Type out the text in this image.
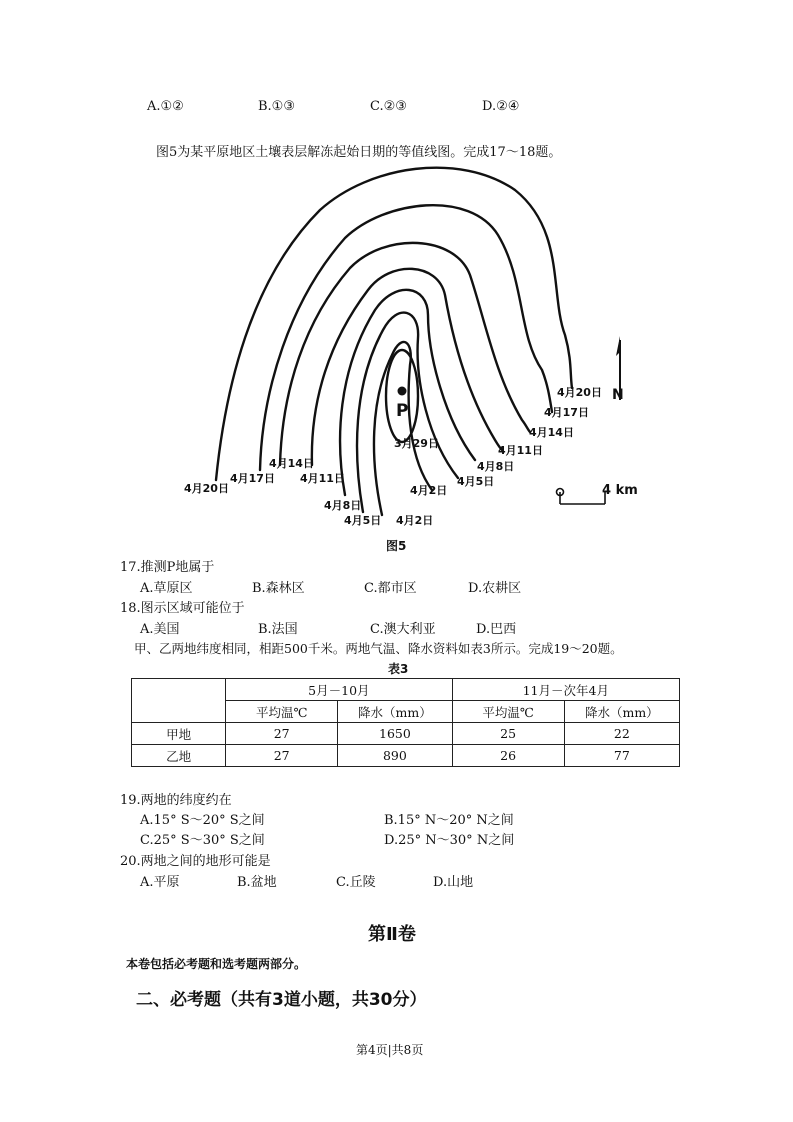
A.①②	B.①③	C.②③	D.②④
图5为某平原地区土壤表层解冻起始日期的等值线图。完成17～18题。
P
3月29日
4月20日
4月17日
4月14日
4月11日
4月8日
4月5日
4月2日
4月20日
4月17日
4月14日
4月11日
4月8日
4月5日 4月2日
N
4 km
图5
17.推测P地属于
A.草原区	B.森林区	C.都市区	D.农耕区
18.图示区域可能位于
A.美国	B.法国	C.澳大利亚	D.巴西
甲、乙两地纬度相同，相距500千米。两地气温、降水资料如表3所示。完成19～20题。
表3
	5月－10月		11月－次年4月	
	平均温℃	降水（mm）	平均温℃	降水（mm）
甲地	27	1650	25	22
乙地	27	890	26	77
19.两地的纬度约在
A.15° S～20° S之间	B.15° N～20° N之间
C.25° S～30° S之间	D.25° N～30° N之间
20.两地之间的地形可能是
A.平原	B.盆地	C.丘陵	D.山地
第Ⅱ卷
本卷包括必考题和选考题两部分。
二、必考题（共有3道小题，共30分）
第4页|共8页
